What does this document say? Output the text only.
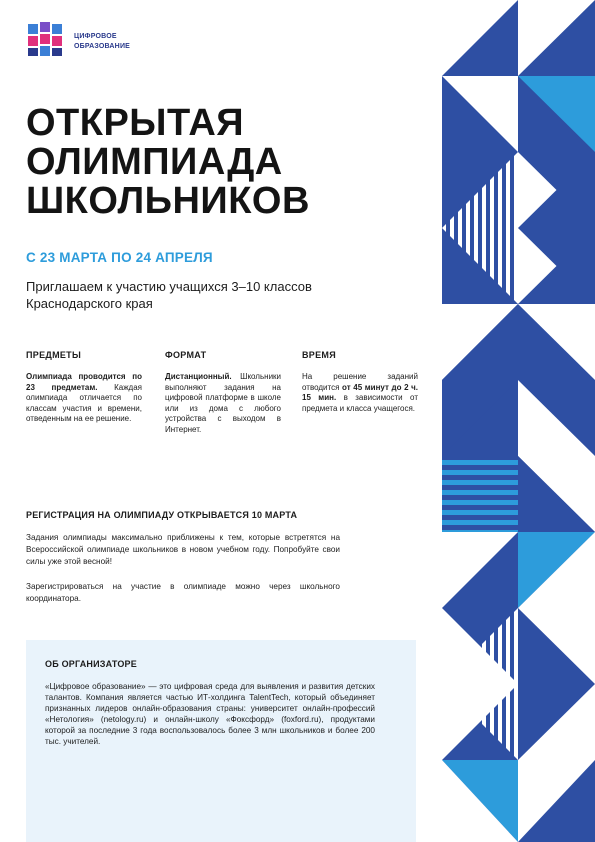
ЦИФРОВОЕ
ОБРАЗОВАНИЕ
ОТКРЫТАЯ
ОЛИМПИАДА
ШКОЛЬНИКОВ
С 23 МАРТА ПО 24 АПРЕЛЯ
Приглашаем к участию учащихся 3–10 классов Краснодарского края
ПРЕДМЕТЫ

Олимпиада проводится по 23 предметам. Каждая олимпиада отличается по классам участия и времени, отведенным на ее решение.

ФОРМАТ

Дистанционный. Школьники выполняют задания на цифровой платформе в школе или из дома с любого устройства с выходом в Интернет.

ВРЕМЯ

На решение заданий отводится от 45 минут до 2 ч. 15 мин. в зависимости от предмета и класса учащегося.

РЕГИСТРАЦИЯ НА ОЛИМПИАДУ ОТКРЫВАЕТСЯ 10 МАРТА

Задания олимпиады максимально приближены к тем, которые встретятся на Всероссийской олимпиаде школьников в новом учебном году. Попробуйте свои силы уже этой весной!

Зарегистрироваться на участие в олимпиаде можно через школьного координатора.

ОБ ОРГАНИЗАТОРЕ

«Цифровое образование» — это цифровая среда для выявления и развития детских талантов. Компания является частью ИТ-холдинга TalentTech, который объединяет признанных лидеров онлайн-образования страны: университет онлайн-профессий «Нетология» (netology.ru) и онлайн-школу «Фоксфорд» (foxford.ru), продуктами которой за последние 3 года воспользовалось более 3 млн школьников и более 200 тыс. учителей.
